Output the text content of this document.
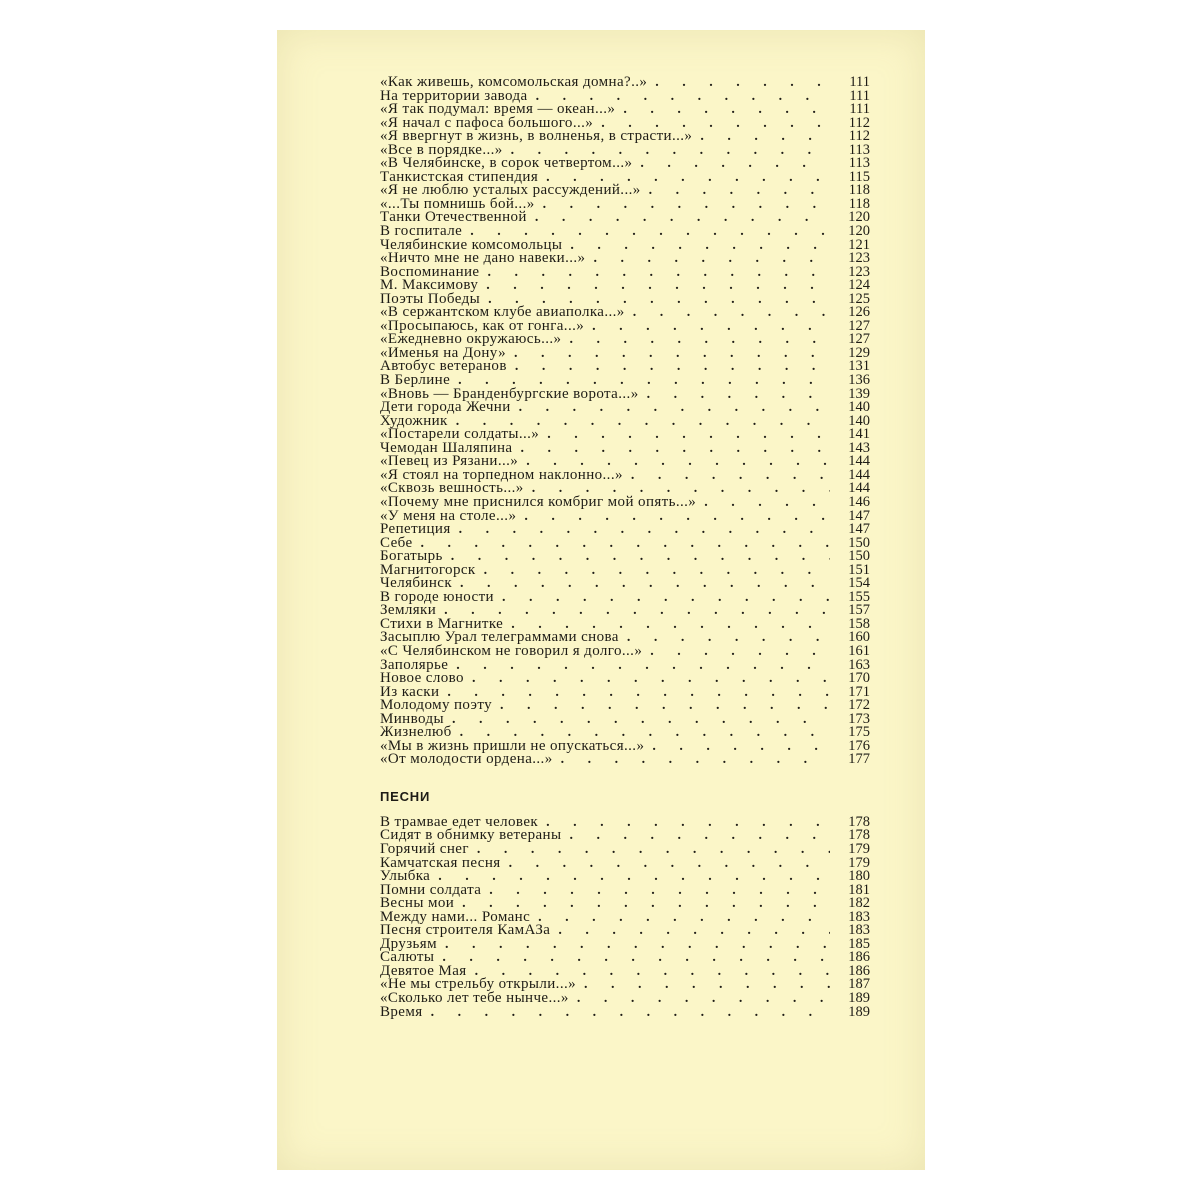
«Как живешь, комсомольская домна?..» . . .	111
На территории завода . . .	111
«Я так подумал: время — океан...» . . .	111
«Я начал с пафоса большого...» . . .	112
«Я ввергнут в жизнь, в волненья, в страсти...» . . .	112
«Все в порядке...» . . .	113
«В Челябинске, в сорок четвертом...» . . .	113
Танкистская стипендия . . .	115
«Я не люблю усталых рассуждений...» . . .	118
«...Ты помнишь бой...» . . .	118
Танки Отечественной . . .	120
В госпитале . . .	120
Челябинские комсомольцы . . .	121
«Ничто мне не дано навеки...» . . .	123
Воспоминание . . .	123
М. Максимову . . .	124
Поэты Победы . . .	125
«В сержантском клубе авиаполка...» . . .	126
«Просыпаюсь, как от гонга...» . . .	127
«Ежедневно окружаюсь...» . . .	127
«Именья на Дону» . . .	129
Автобус ветеранов . . .	131
В Берлине . . .	136
«Вновь — Бранденбургские ворота...» . . .	139
Дети города Жечни . . .	140
Художник . . .	140
«Постарели солдаты...» . . .	141
Чемодан Шаляпина . . .	143
«Певец из Рязани...» . . .	144
«Я стоял на торпедном наклонно...» . . .	144
«Сквозь вешность...» . . .	144
«Почему мне приснился комбриг мой опять...» . . .	146
«У меня на столе...» . . .	147
Репетиция . . .	147
Себе . . .	150
Богатырь . . .	150
Магнитогорск . . .	151
Челябинск . . .	154
В городе юности . . .	155
Земляки . . .	157
Стихи в Магнитке . . .	158
Засыплю Урал телеграммами снова . . .	160
«С Челябинском не говорил я долго...» . . .	161
Заполярье . . .	163
Новое слово . . .	170
Из каски . . .	171
Молодому поэту . . .	172
Минводы . . .	173
Жизнелюб . . .	175
«Мы в жизнь пришли не опускаться...» . . .	176
«От молодости ордена...» . . .	177
ПЕСНИ
В трамвае едет человек . . .	178
Сидят в обнимку ветераны . . .	178
Горячий снег . . .	179
Камчатская песня . . .	179
Улыбка . . .	180
Помни солдата . . .	181
Весны мои . . .	182
Между нами... Романс . . .	183
Песня строителя КамАЗа . . .	183
Друзьям . . .	185
Салюты . . .	186
Девятое Мая . . .	186
«Не мы стрельбу открыли...» . . .	187
«Сколько лет тебе нынче...» . . .	189
Время . . .	189
